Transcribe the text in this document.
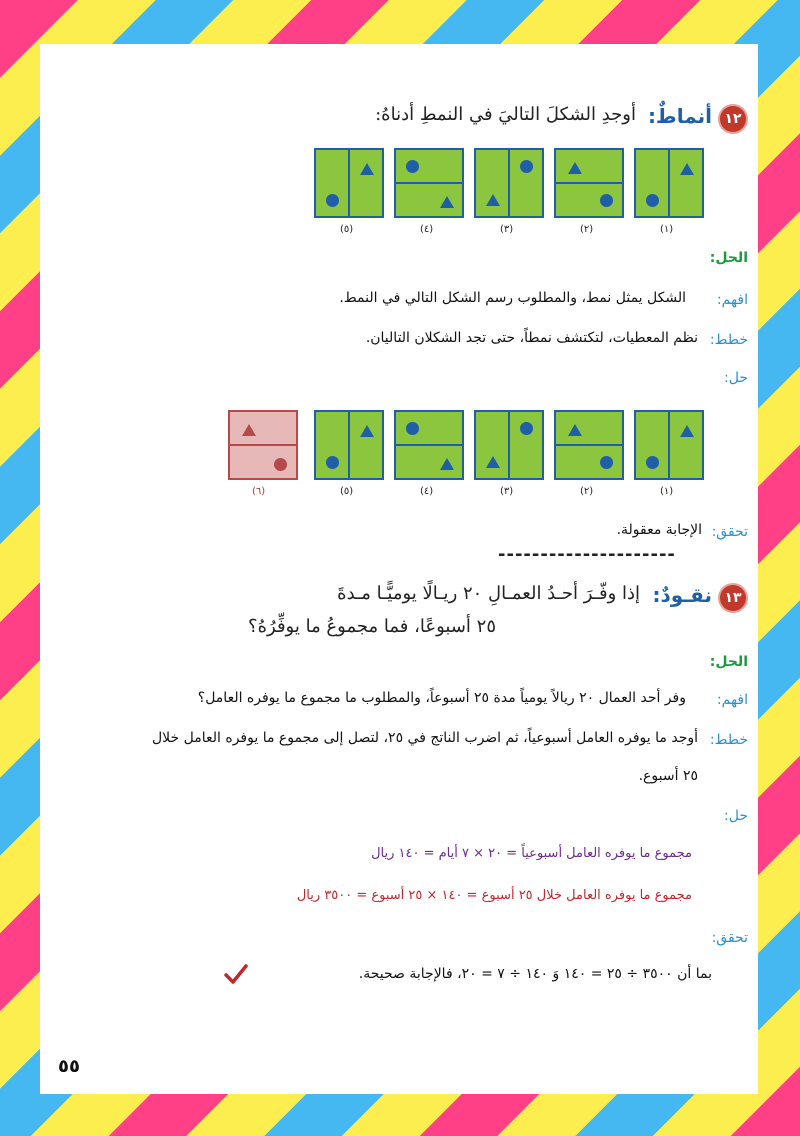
١٢
أنماطٌ:
أوجدِ الشكلَ التاليَ في النمطِ أدناهُ:
(١)
(٢)
(٣)
(٤)
(٥)
الحل:
افهم:
الشكل يمثل نمط، والمطلوب رسم الشكل التالي في النمط.
خطط:
نظم المعطيات، لتكتشف نمطاً، حتى تجد الشكلان التاليان.
حل:
(١)
(٢)
(٣)
(٤)
(٥)
(٦)
تحقق:
الإجابة معقولة.
---------------------
١٣
نقـودٌ:
إذا وفّـرَ أحـدُ العمـالِ ٢٠ ريـالًا يوميًّـا مـدةَ
٢٥ أسبوعًا، فما مجموعُ ما يوفِّرُهُ؟
الحل:
افهم:
وفر أحد العمال ٢٠ ريالاً يومياً مدة ٢٥ أسبوعاً، والمطلوب ما مجموع ما يوفره العامل؟
خطط:
أوجد ما يوفره العامل أسبوعياً، ثم اضرب الناتج في ٢٥، لتصل إلى مجموع ما يوفره العامل خلال
٢٥ أسبوع.
حل:
مجموع ما يوفره العامل أسبوعياً = ٢٠ × ٧ أيام = ١٤٠ ريال
مجموع ما يوفره العامل خلال ٢٥ أسبوع = ١٤٠ × ٢٥ أسبوع = ٣٥٠٠ ريال
تحقق:
بما أن ٣٥٠٠ ÷ ٢٥ = ١٤٠ وَ ١٤٠ ÷ ٧ = ٢٠، فالإجابة صحيحة.
٥٥
